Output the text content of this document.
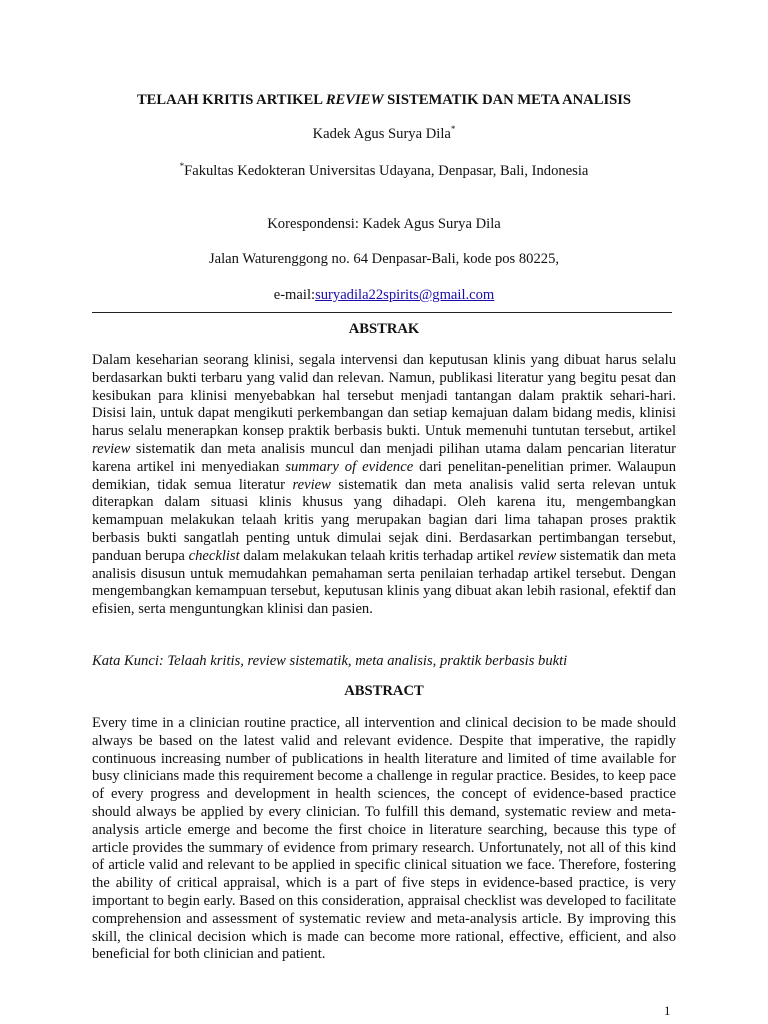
TELAAH KRITIS ARTIKEL REVIEW SISTEMATIK DAN META ANALISIS
Kadek Agus Surya Dila*
*Fakultas Kedokteran Universitas Udayana, Denpasar, Bali, Indonesia
Korespondensi: Kadek Agus Surya Dila
Jalan Waturenggong no. 64 Denpasar-Bali, kode pos 80225,
e-mail:suryadila22spirits@gmail.com
ABSTRAK
Dalam keseharian seorang klinisi, segala intervensi dan keputusan klinis yang dibuat harus selalu berdasarkan bukti terbaru yang valid dan relevan. Namun, publikasi literatur yang begitu pesat dan kesibukan para klinisi menyebabkan hal tersebut menjadi tantangan dalam praktik sehari-hari. Disisi lain, untuk dapat mengikuti perkembangan dan setiap kemajuan dalam bidang medis, klinisi harus selalu menerapkan konsep praktik berbasis bukti. Untuk memenuhi tuntutan tersebut, artikel review sistematik dan meta analisis muncul dan menjadi pilihan utama dalam pencarian literatur karena artikel ini menyediakan summary of evidence dari penelitan-penelitian primer. Walaupun demikian, tidak semua literatur review sistematik dan meta analisis valid serta relevan untuk diterapkan dalam situasi klinis khusus yang dihadapi. Oleh karena itu, mengembangkan kemampuan melakukan telaah kritis yang merupakan bagian dari lima tahapan proses praktik berbasis bukti sangatlah penting untuk dimulai sejak dini. Berdasarkan pertimbangan tersebut, panduan berupa checklist dalam melakukan telaah kritis terhadap artikel review sistematik dan meta analisis disusun untuk memudahkan pemahaman serta penilaian terhadap artikel tersebut. Dengan mengembangkan kemampuan tersebut, keputusan klinis yang dibuat akan lebih rasional, efektif dan efisien, serta menguntungkan klinisi dan pasien.
Kata Kunci: Telaah kritis, review sistematik, meta analisis, praktik berbasis bukti
ABSTRACT
Every time in a clinician routine practice, all intervention and clinical decision to be made should always be based on the latest valid and relevant evidence. Despite that imperative, the rapidly continuous increasing number of publications in health literature and limited of time available for busy clinicians made this requirement become a challenge in regular practice. Besides, to keep pace of every progress and development in health sciences, the concept of evidence-based practice should always be applied by every clinician. To fulfill this demand, systematic review and meta-analysis article emerge and become the first choice in literature searching, because this type of article provides the summary of evidence from primary research. Unfortunately, not all of this kind of article valid and relevant to be applied in specific clinical situation we face. Therefore, fostering the ability of critical appraisal, which is a part of five steps in evidence-based practice, is very important to begin early. Based on this consideration, appraisal checklist was developed to facilitate comprehension and assessment of systematic review and meta-analysis article. By improving this skill, the clinical decision which is made can become more rational, effective, efficient, and also beneficial for both clinician and patient.
1
